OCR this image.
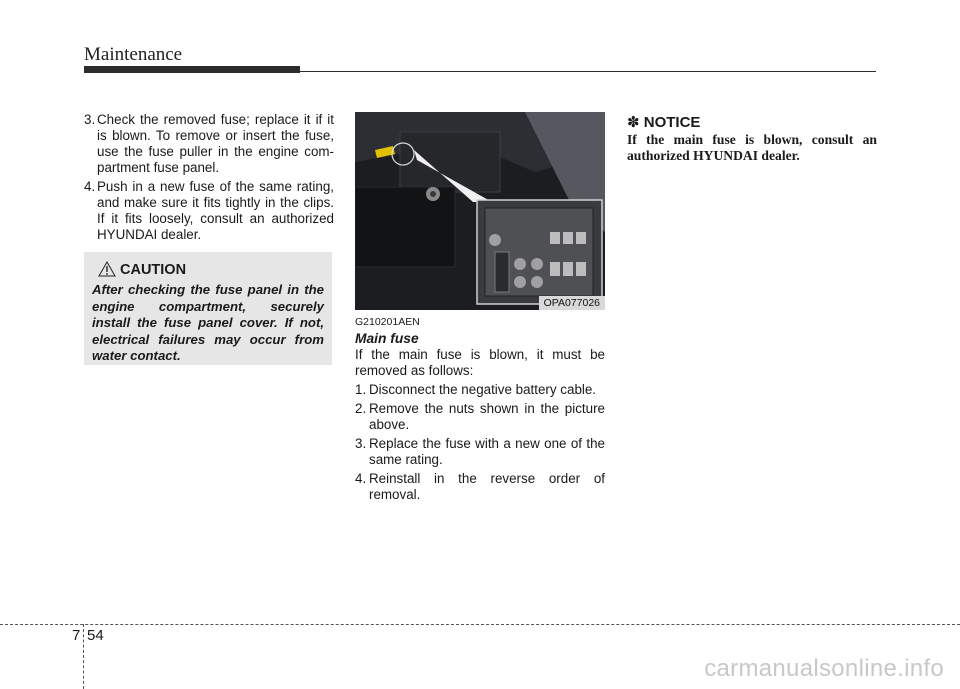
Maintenance
3. Check the removed fuse; replace it if it is blown. To remove or insert the fuse, use the fuse puller in the engine com-partment fuse panel.
4. Push in a new fuse of the same rating, and make sure it fits tightly in the clips. If it fits loosely, consult an authorized HYUNDAI dealer.
CAUTION
After checking the fuse panel in the engine compartment, securely install the fuse panel cover. If not, electrical failures may occur from water contact.
OPA077026
G210201AEN
Main fuse
If the main fuse is blown, it must be removed as follows:
1. Disconnect the negative battery cable.
2. Remove the nuts shown in the picture above.
3. Replace the fuse with a new one of the same rating.
4. Reinstall in the reverse order of removal.
✽ NOTICE
If the main fuse is blown, consult an authorized HYUNDAI dealer.
7 54
carmanualsonline.info
